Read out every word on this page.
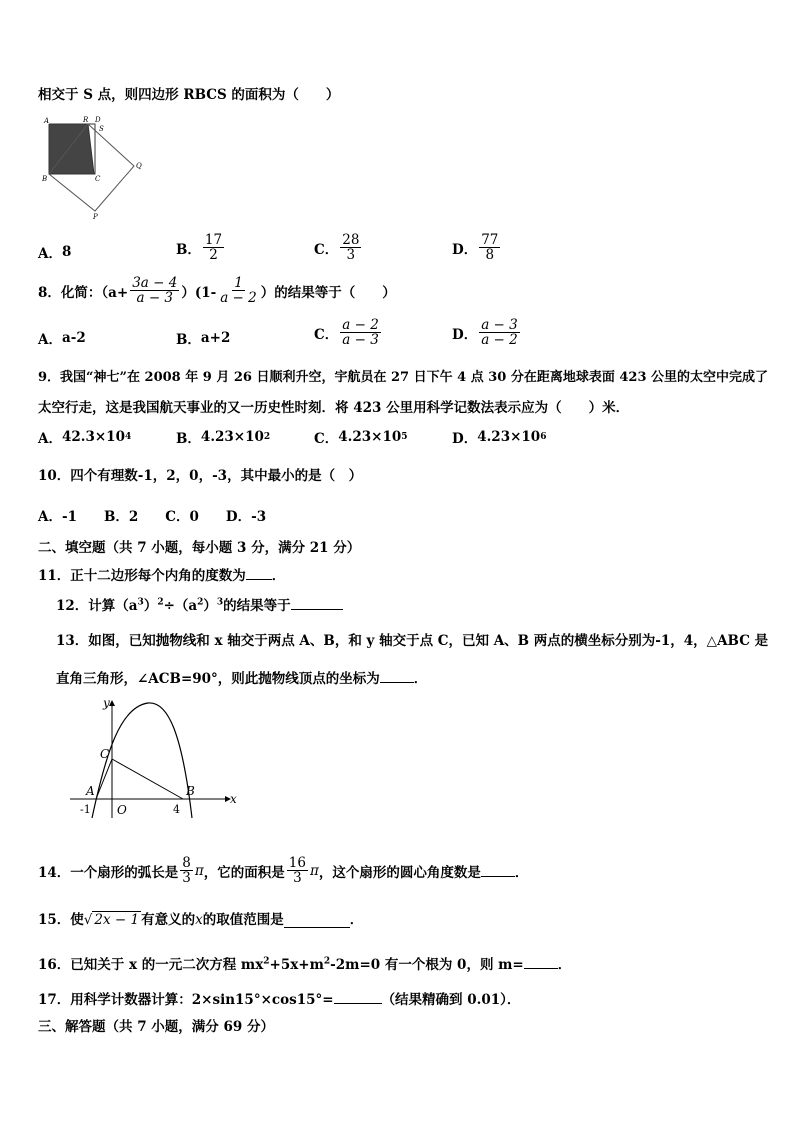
相交于 S 点，则四边形 RBCS 的面积为（　　）
A	R D
S
Q
B	C
P
A． 8	B． $\frac{17}{2}$	C． $\frac{28}{3}$	D． $\frac{77}{8}$
8．化简：$(a+ \frac{3a - 4}{a - 3} )(1- \frac{1}{a - 2}$ ）的结果等于（　　）
A． a-2	B． a+2	C． $\frac{a - 2}{a - 3}$	D． $\frac{a - 3}{a - 2}$
9．我国“神七”在 2008 年 9 月 26 日顺利升空，宇航员在 27 日下午 4 点 30 分在距离地球表面 423 公里的太空中完成了
太空行走，这是我国航天事业的又一历史性时刻．将 423 公里用科学记数法表示应为（　　）米．
A． 42.3×10 4	B． 4.23×10 2	C． 4.23×10 5	D． 4.23×10 6
10．四个有理数-1，2，0，-3，其中最小的是（　）
A．-1　　B．2　　C．0　　D．-3
二、填空题（共 7 小题，每小题 3 分，满分 21 分）
11．正十二边形每个内角的度数为 ．
12．计算$(a^3)^2\div(a^2)^3$的结果等于
13．如图，已知抛物线和 x 轴交于两点 A、B，和 y 轴交于点 C，已知 A、B 两点的横坐标分别为-1，4，△ABC 是
直角三角形，∠ACB=90°，则此抛物线顶点的坐标为	．
y
x
C
A	B
O
-1	4
14．一个扇形的弧长是 $\frac{8}{3}$ π ，它的面积是 $\frac{16}{3}$ π ，这个扇形的圆心角度数是	．
15．使 √ 2x − 1 有意义的 x 的取值范围是	．
16．已知关于 x 的一元二次方程 $mx^2+5x+m^2-2m=0$ 有一个根为 0，则 m=	．
17．用科学计数器计算：2×sin15°×cos15°=	（结果精确到 0.01）．
三、解答题（共 7 小题，满分 69 分）
